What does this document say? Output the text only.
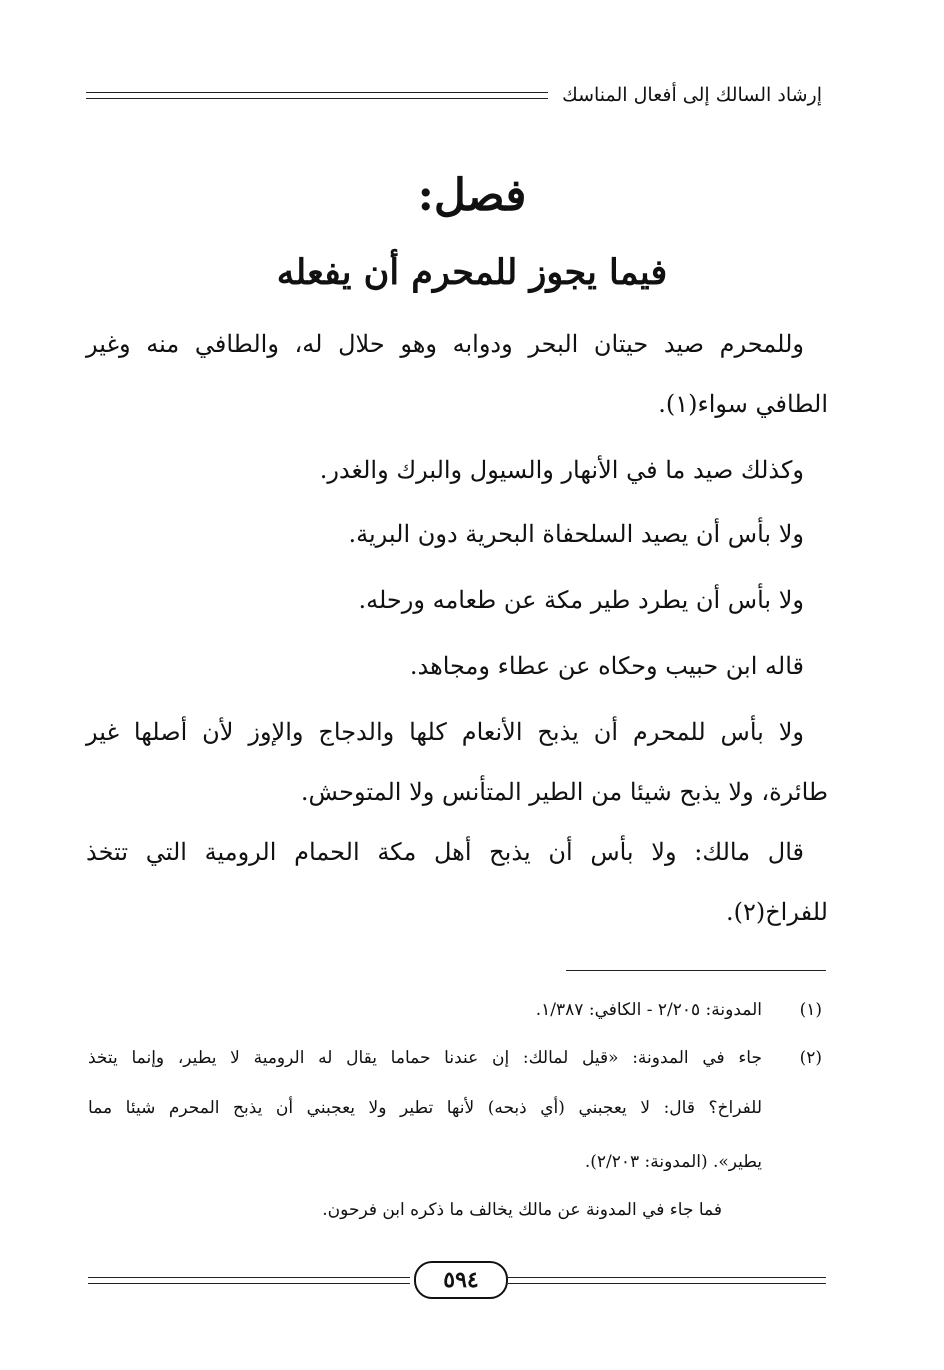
إرشاد السالك إلى أفعال المناسك
فصل:
فيما يجوز للمحرم أن يفعله
وللمحرم صيد حيتان البحر ودوابه وهو حلال له، والطافي منه وغير
الطافي سواء(١).
وكذلك صيد ما في الأنهار والسيول والبرك والغدر.
ولا بأس أن يصيد السلحفاة البحرية دون البرية.
ولا بأس أن يطرد طير مكة عن طعامه ورحله.
قاله ابن حبيب وحكاه عن عطاء ومجاهد.
ولا بأس للمحرم أن يذبح الأنعام كلها والدجاج والإوز لأن أصلها غير
طائرة، ولا يذبح شيئا من الطير المتأنس ولا المتوحش.
قال مالك: ولا بأس أن يذبح أهل مكة الحمام الرومية التي تتخذ
للفراخ(٢).
(١)
المدونة: ٢/٢٠٥ - الكافي: ١/٣٨٧.
(٢)
جاء في المدونة: «قيل لمالك: إن عندنا حماما يقال له الرومية لا يطير، وإنما يتخذ
للفراخ؟ قال: لا يعجبني (أي ذبحه) لأنها تطير ولا يعجبني أن يذبح المحرم شيئا مما
يطير». (المدونة: ٢/٢٠٣).
فما جاء في المدونة عن مالك يخالف ما ذكره ابن فرحون.
٥٩٤
